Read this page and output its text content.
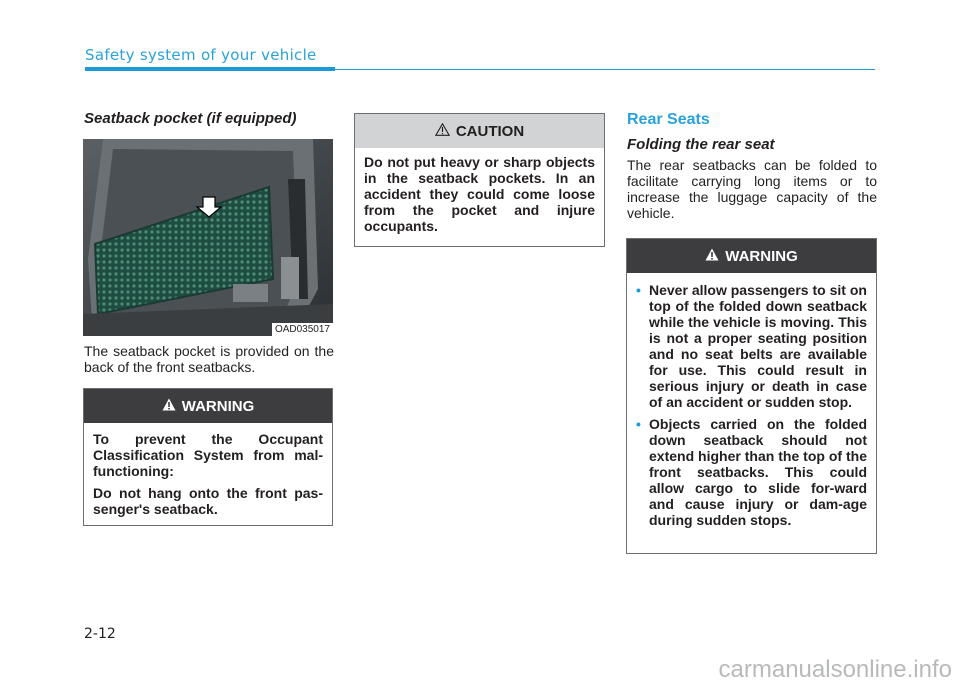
Safety system of your vehicle
Seatback pocket (if equipped)
OAD035017
The seatback pocket is provided on the back of the front seatbacks.
WARNING

To prevent the Occupant Classification System from mal-functioning:

Do not hang onto the front pas-senger's seatback.

CAUTION

Do not put heavy or sharp objects in the seatback pockets. In an accident they could come loose from the pocket and injure occupants.

Rear Seats
Folding the rear seat
The rear seatbacks can be folded to facilitate carrying long items or to increase the luggage capacity of the vehicle.
WARNING
• Never allow passengers to sit on top of the folded down seatback while the vehicle is moving. This is not a proper seating position and no seat belts are available for use. This could result in serious injury or death in case of an accident or sudden stop.
• Objects carried on the folded down seatback should not extend higher than the top of the front seatbacks. This could allow cargo to slide for-ward and cause injury or dam-age during sudden stops.
2-12
carmanualsonline.info
